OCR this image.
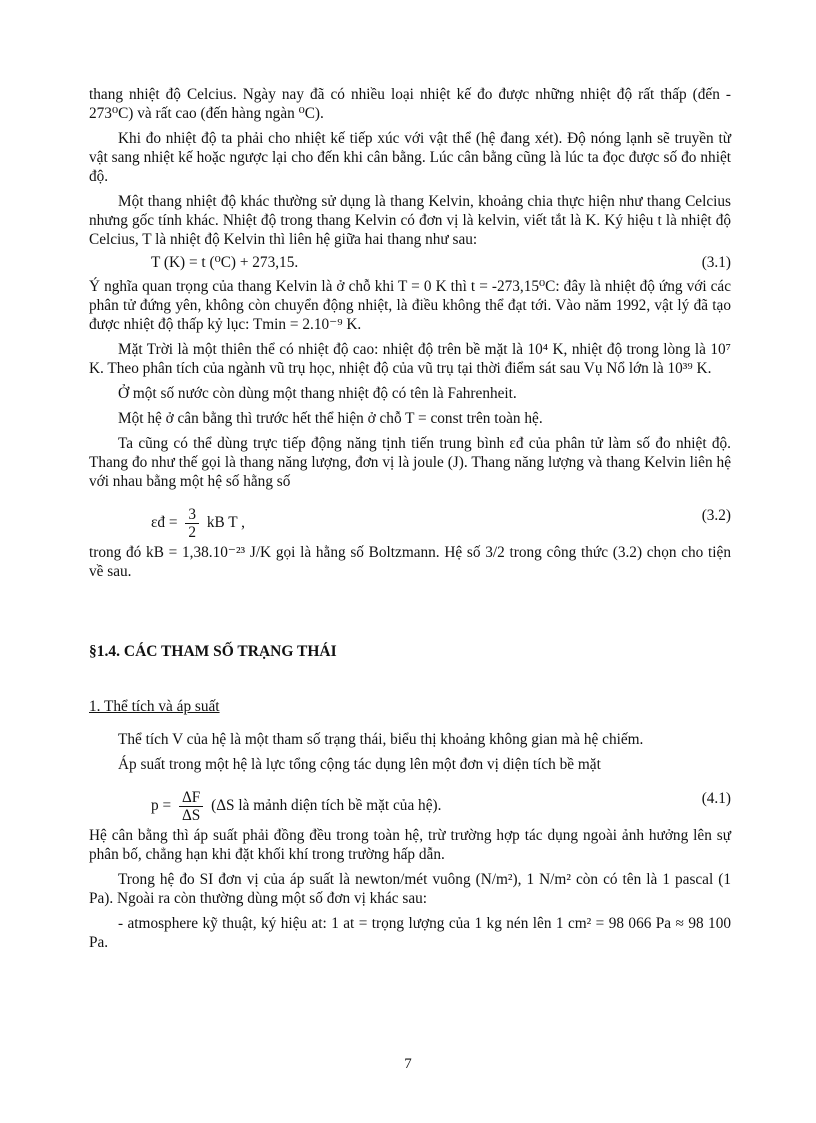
thang nhiệt độ Celcius. Ngày nay đã có nhiều loại nhiệt kế đo được những nhiệt độ rất thấp (đến - 273⁰C) và rất cao (đến hàng ngàn ⁰C).

Khi đo nhiệt độ ta phải cho nhiệt kế tiếp xúc với vật thể (hệ đang xét). Độ nóng lạnh sẽ truyền từ vật sang nhiệt kế hoặc ngược lại cho đến khi cân bằng. Lúc cân bằng cũng là lúc ta đọc được số đo nhiệt độ.

Một thang nhiệt độ khác thường sử dụng là thang Kelvin, khoảng chia thực hiện như thang Celcius nhưng gốc tính khác. Nhiệt độ trong thang Kelvin có đơn vị là kelvin, viết tắt là K. Ký hiệu t là nhiệt độ Celcius, T là nhiệt độ Kelvin thì liên hệ giữa hai thang như sau:

T (K) = t (⁰C) + 273,15.	(3.1)

Ý nghĩa quan trọng của thang Kelvin là ở chỗ khi T = 0 K thì t = -273,15⁰C: đây là nhiệt độ ứng với các phân tử đứng yên, không còn chuyển động nhiệt, là điều không thể đạt tới. Vào năm 1992, vật lý đã tạo được nhiệt độ thấp kỷ lục: Tmin = 2.10⁻⁹ K.

Mặt Trời là một thiên thể có nhiệt độ cao: nhiệt độ trên bề mặt là 10⁴ K, nhiệt độ trong lòng là 10⁷ K. Theo phân tích của ngành vũ trụ học, nhiệt độ của vũ trụ tại thời điểm sát sau Vụ Nổ lớn là 10³⁹ K.

Ở một số nước còn dùng một thang nhiệt độ có tên là Fahrenheit.

Một hệ ở cân bằng thì trước hết thể hiện ở chỗ T = const trên toàn hệ.

Ta cũng có thể dùng trực tiếp động năng tịnh tiến trung bình εđ của phân tử làm số đo nhiệt độ. Thang đo như thế gọi là thang năng lượng, đơn vị là joule (J). Thang năng lượng và thang Kelvin liên hệ với nhau bằng một hệ số hằng số

εđ = $\frac{3}{2}$ kB T ,	(3.2)

trong đó kB = 1,38.10⁻²³ J/K gọi là hằng số Boltzmann. Hệ số 3/2 trong công thức (3.2) chọn cho tiện về sau.

§1.4. CÁC THAM SỐ TRẠNG THÁI

1. Thể tích và áp suất

Thể tích V của hệ là một tham số trạng thái, biểu thị khoảng không gian mà hệ chiếm.

Áp suất trong một hệ là lực tổng cộng tác dụng lên một đơn vị diện tích bề mặt

$p = \frac{\Delta F}{\Delta S} (\Delta S$ là mảnh diện tích bề mặt của hệ).	(4.1)

Hệ cân bằng thì áp suất phải đồng đều trong toàn hệ, trừ trường hợp tác dụng ngoài ảnh hưởng lên sự phân bố, chẳng hạn khi đặt khối khí trong trường hấp dẫn.

Trong hệ đo SI đơn vị của áp suất là newton/mét vuông (N/m²), 1 N/m² còn có tên là 1 pascal (1 Pa). Ngoài ra còn thường dùng một số đơn vị khác sau:

- atmosphere kỹ thuật, ký hiệu at: 1 at = trọng lượng của 1 kg nén lên 1 cm² = 98 066 Pa ≈ 98 100 Pa.

7
